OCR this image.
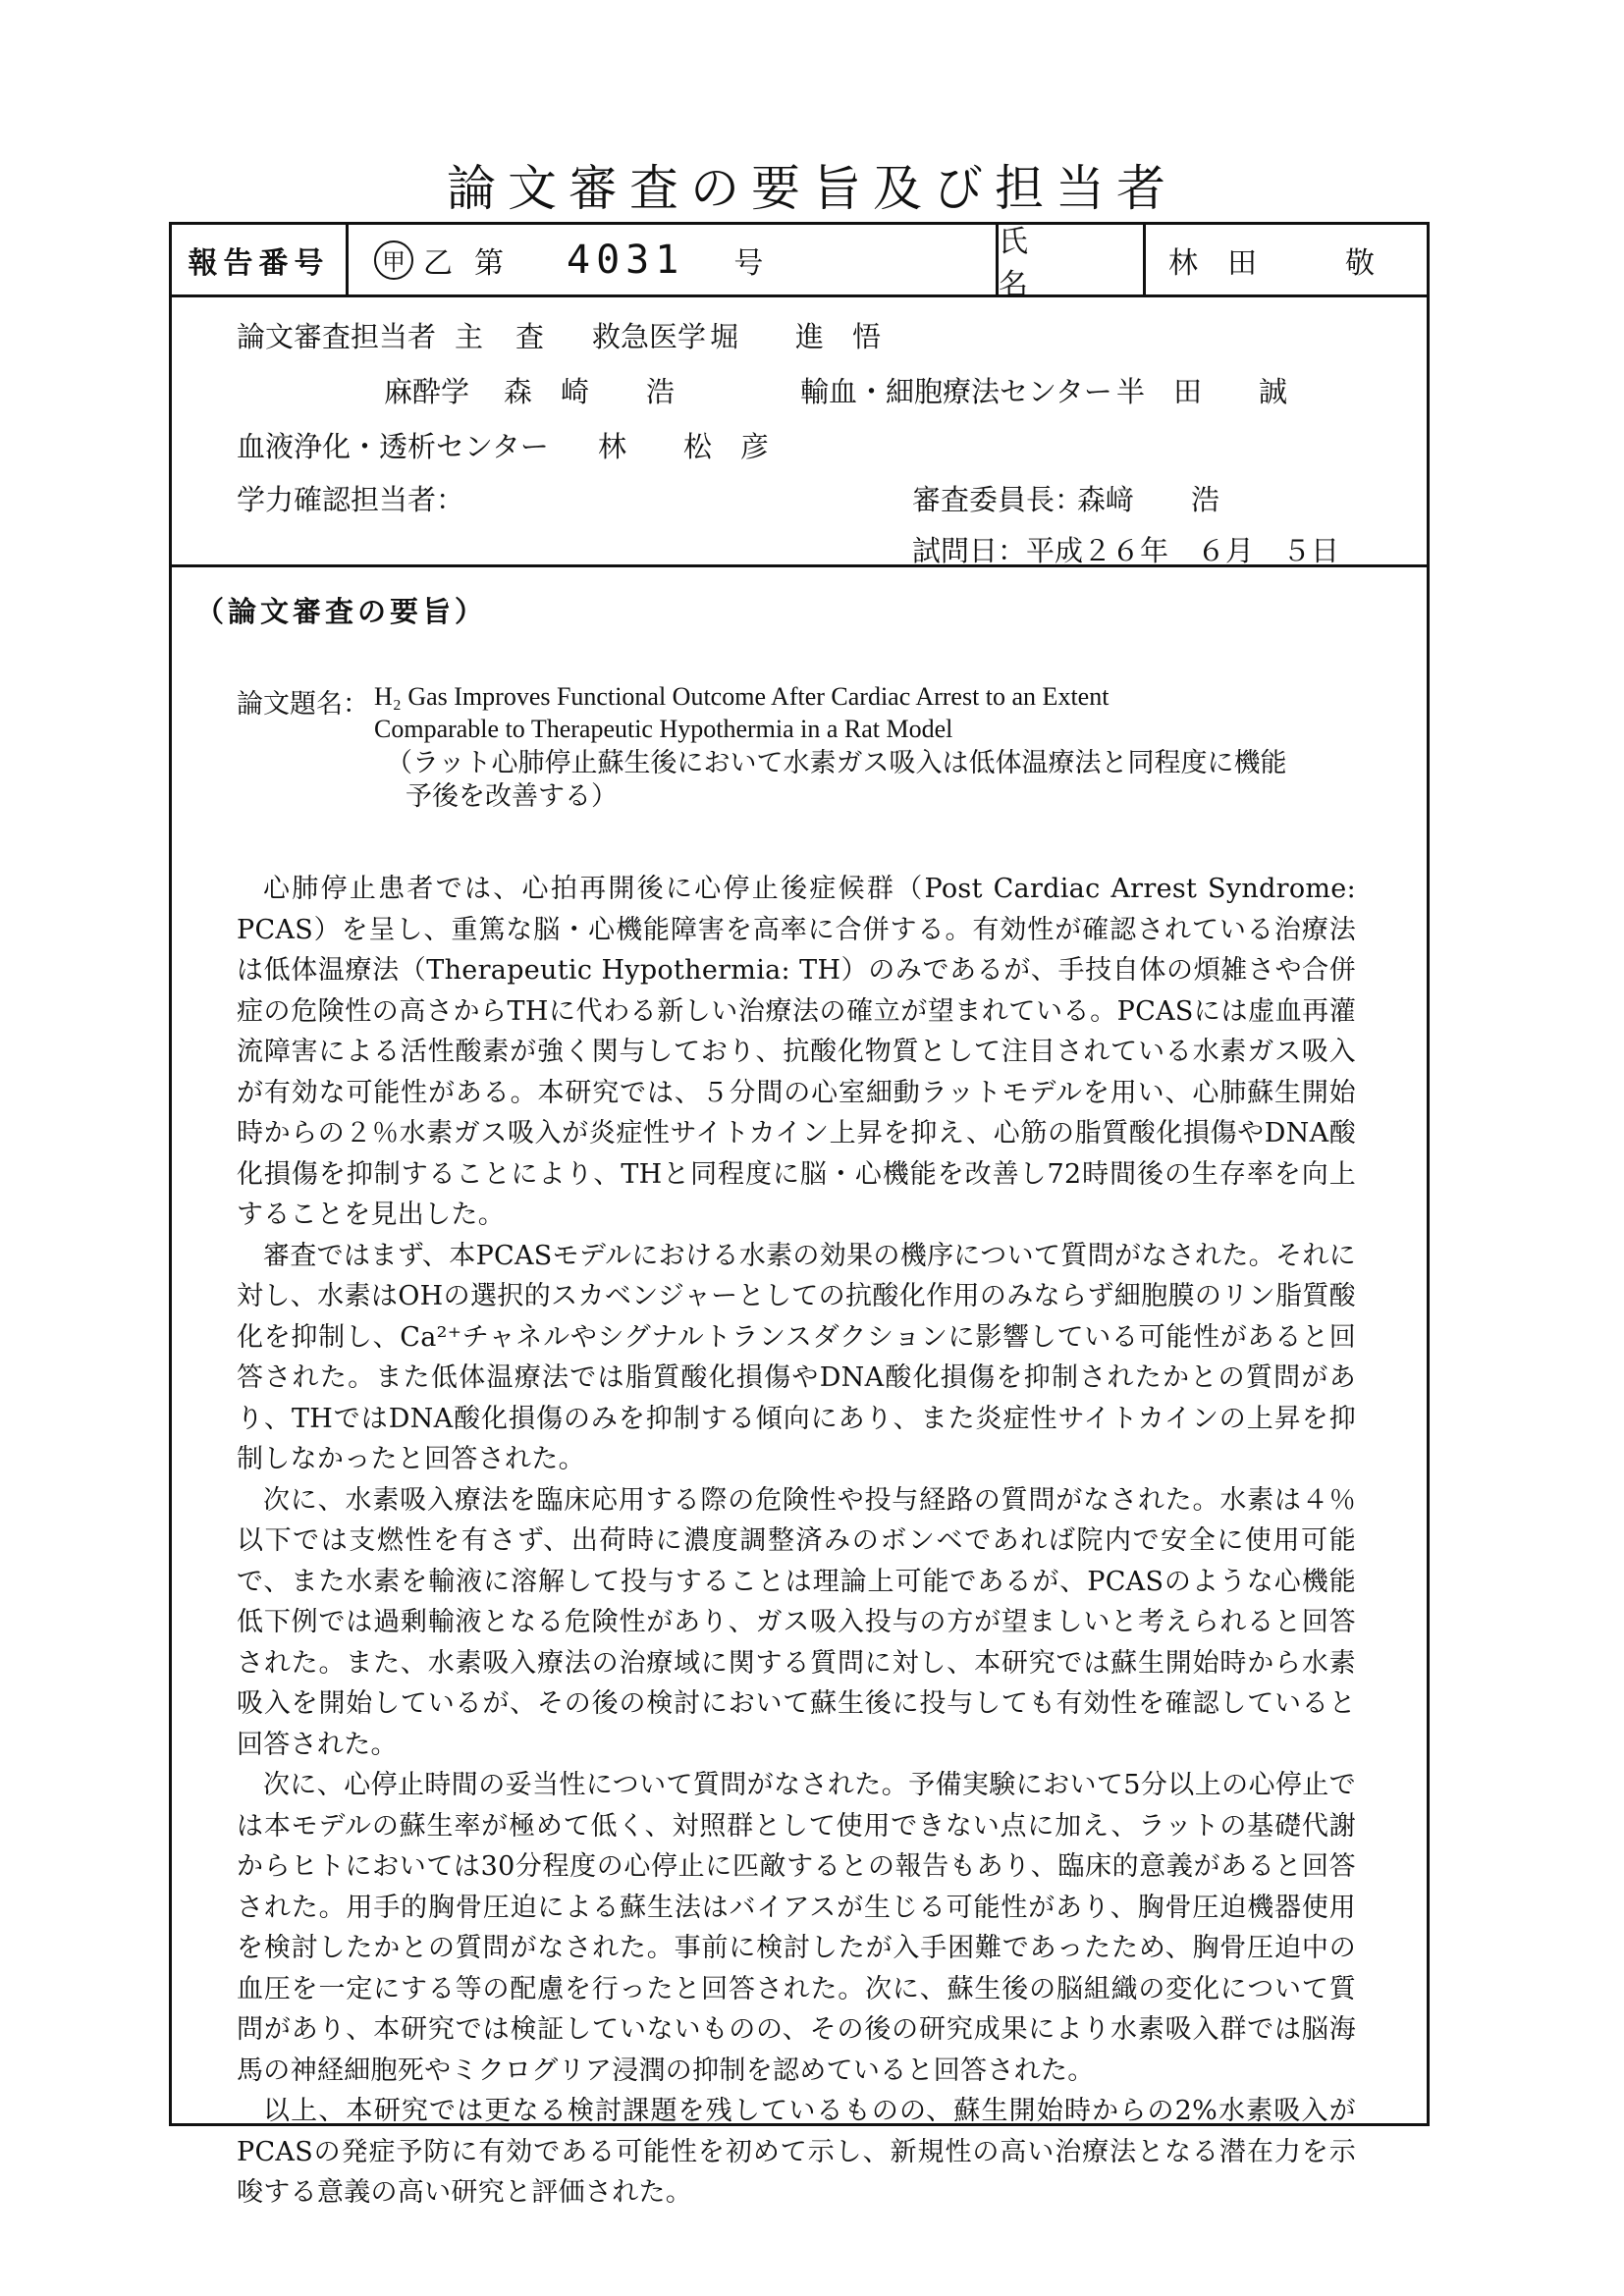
論文審査の要旨及び担当者
報告番号	甲 乙 第 4031 号
氏　名
林田　敬
論文審査担当者 主　査 救急医学 堀　　進　悟
麻酔学 森　崎　　浩	輸血・細胞療法センター 半　田　　誠
血液浄化・透析センター 林　　松　彦
学力確認担当者：	審査委員長：
森﨑　　浩
試問日：平成２６年　６月　５日
（論文審査の要旨）
論文題名： H₂ Gas Improves Functional Outcome After Cardiac Arrest to an Extent
Comparable to Therapeutic Hypothermia in a Rat Model
（ラット心肺停止蘇生後において水素ガス吸入は低体温療法と同程度に機能
予後を改善する）

心肺停止患者では、心拍再開後に心停止後症候群（Post Cardiac Arrest Syndrome: PCAS）を呈し、重篤な脳・心機能障害を高率に合併する。有効性が確認されている治療法は低体温療法（Therapeutic Hypothermia: TH）のみであるが、手技自体の煩雑さや合併症の危険性の高さからTHに代わる新しい治療法の確立が望まれている。PCASには虚血再灌流障害による活性酸素が強く関与しており、抗酸化物質として注目されている水素ガス吸入が有効な可能性がある。本研究では、５分間の心室細動ラットモデルを用い、心肺蘇生開始時からの２％水素ガス吸入が炎症性サイトカイン上昇を抑え、心筋の脂質酸化損傷やDNA酸化損傷を抑制することにより、THと同程度に脳・心機能を改善し72時間後の生存率を向上することを見出した。

審査ではまず、本PCASモデルにおける水素の効果の機序について質問がなされた。それに対し、水素はOHの選択的スカベンジャーとしての抗酸化作用のみならず細胞膜のリン脂質酸化を抑制し、Ca²⁺チャネルやシグナルトランスダクションに影響している可能性があると回答された。また低体温療法では脂質酸化損傷やDNA酸化損傷を抑制されたかとの質問があり、THではDNA酸化損傷のみを抑制する傾向にあり、また炎症性サイトカインの上昇を抑制しなかったと回答された。

次に、水素吸入療法を臨床応用する際の危険性や投与経路の質問がなされた。水素は４％以下では支燃性を有さず、出荷時に濃度調整済みのボンベであれば院内で安全に使用可能で、また水素を輸液に溶解して投与することは理論上可能であるが、PCASのような心機能低下例では過剰輸液となる危険性があり、ガス吸入投与の方が望ましいと考えられると回答された。また、水素吸入療法の治療域に関する質問に対し、本研究では蘇生開始時から水素吸入を開始しているが、その後の検討において蘇生後に投与しても有効性を確認していると回答された。

次に、心停止時間の妥当性について質問がなされた。予備実験において5分以上の心停止では本モデルの蘇生率が極めて低く、対照群として使用できない点に加え、ラットの基礎代謝からヒトにおいては30分程度の心停止に匹敵するとの報告もあり、臨床的意義があると回答された。用手的胸骨圧迫による蘇生法はバイアスが生じる可能性があり、胸骨圧迫機器使用を検討したかとの質問がなされた。事前に検討したが入手困難であったため、胸骨圧迫中の血圧を一定にする等の配慮を行ったと回答された。次に、蘇生後の脳組織の変化について質問があり、本研究では検証していないものの、その後の研究成果により水素吸入群では脳海馬の神経細胞死やミクログリア浸潤の抑制を認めていると回答された。

以上、本研究では更なる検討課題を残しているものの、蘇生開始時からの2%水素吸入がPCASの発症予防に有効である可能性を初めて示し、新規性の高い治療法となる潜在力を示唆する意義の高い研究と評価された。
